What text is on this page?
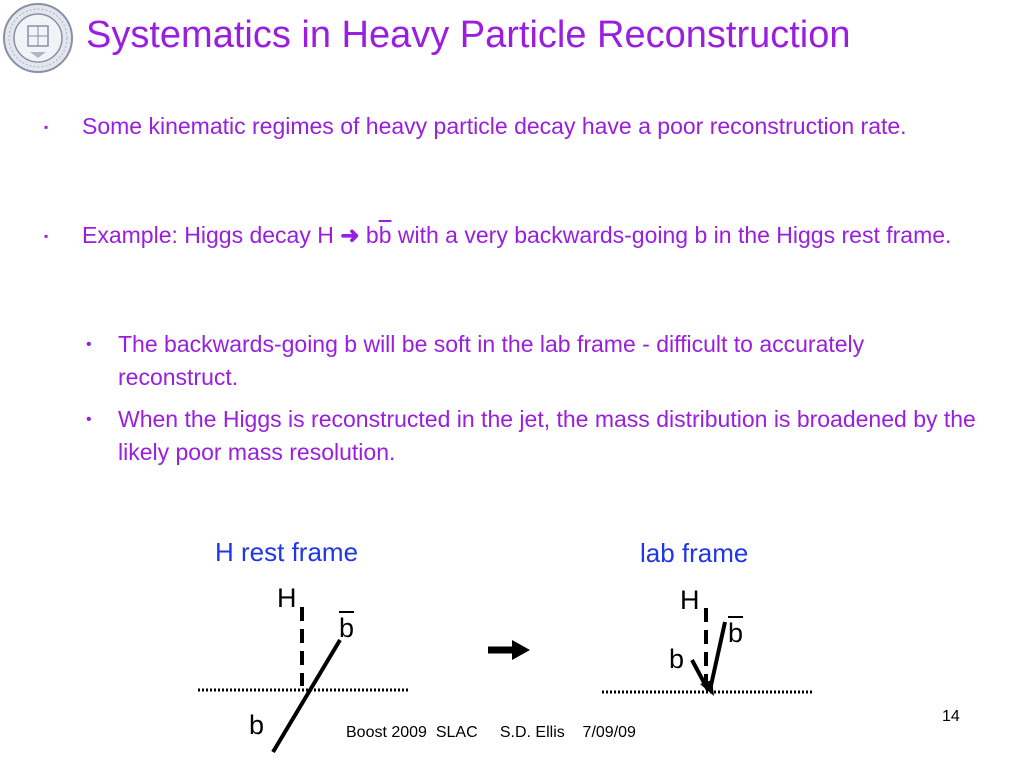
Systematics in Heavy Particle Reconstruction
▪ Some kinematic regimes of heavy particle decay have a poor reconstruction rate.
▪ Example: Higgs decay H ➜ $b\overline{b}$ with a very backwards-going b in the Higgs rest frame.
• The backwards-going b will be soft in the lab frame - difficult to accurately reconstruct.
• When the Higgs is reconstructed in the jet, the mass distribution is broadened by the likely poor mass resolution.
H rest frame	lab frame
H
$\overline{b}$
b
H
$\overline{b}$
b
Boost 2009  SLAC     S.D. Ellis    7/09/09
14
